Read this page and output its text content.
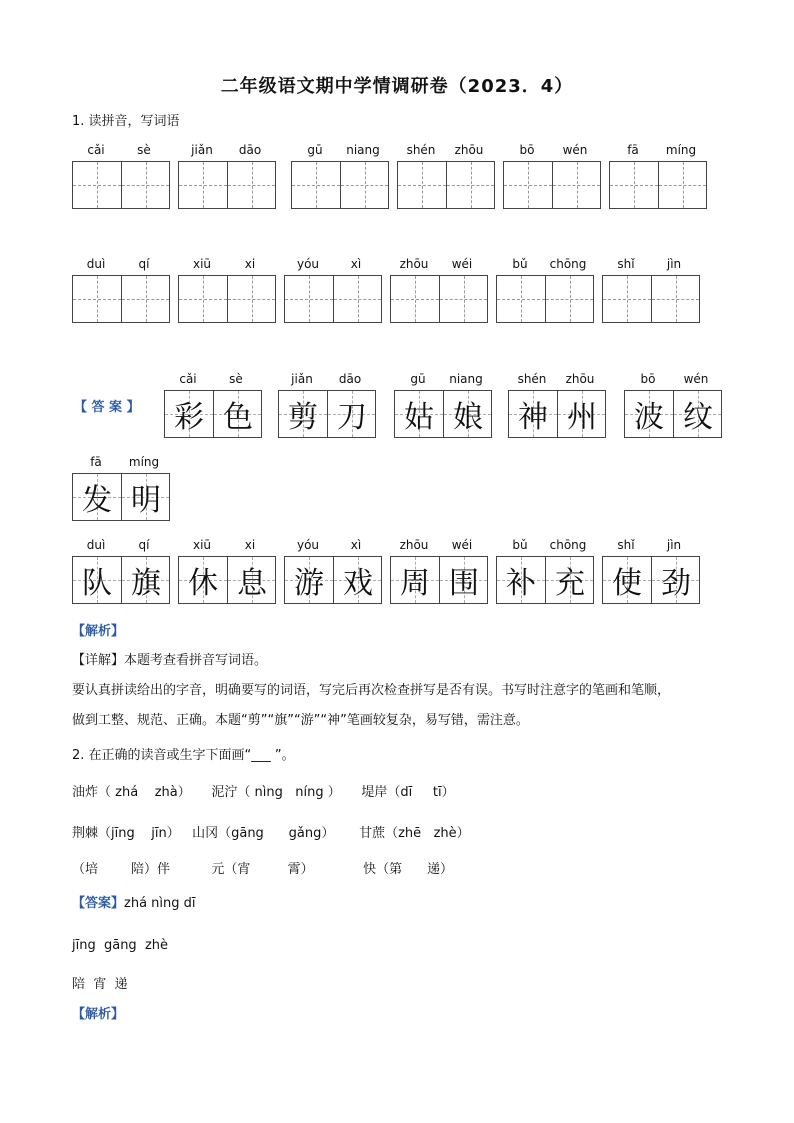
二年级语文期中学情调研卷（2023．4）
1. 读拼音，写词语
cǎi	sè	jiǎn	dāo	gū	niang	shén	zhōu	bō	wén	fā	míng
duì	qí	xiū	xi	yóu	xì	zhōu	wéi	bǔ	chōng	shǐ	jìn
【 答 案 】
cǎi	sè
彩 色
jiǎn	dāo
剪 刀
gū	niang
姑 娘
shén	zhōu
神 州
bō	wén
波 纹
fā	míng
发 明
duì	qí
队 旗
xiū	xi
休 息
yóu	xì
游 戏
zhōu	wéi
周 围
bǔ	chōng
补 充
shǐ	jìn
使 劲
【解析】
【详解】本题考查看拼音写词语。
要认真拼读给出的字音，明确要写的词语，写完后再次检查拼写是否有误。书写时注意字的笔画和笔顺，
做到工整、规范、正确。本题“剪”“旗”“游”“神”笔画较复杂，易写错，需注意。
2. 在正确的读音或生字下面画“___ ”。
油炸（ zhá    zhà）     泥泞（ nìng   níng ）     堤岸（dī     tī）
荆棘（jīng    jīn）   山冈（gāng      gǎng）      甘蔗（zhē   zhè）
（培        陪）伴          元（宵         霄）            快（第      递）
【答案】zhá nìng dī
jīng  gāng  zhè
陪  宵  递
【解析】
